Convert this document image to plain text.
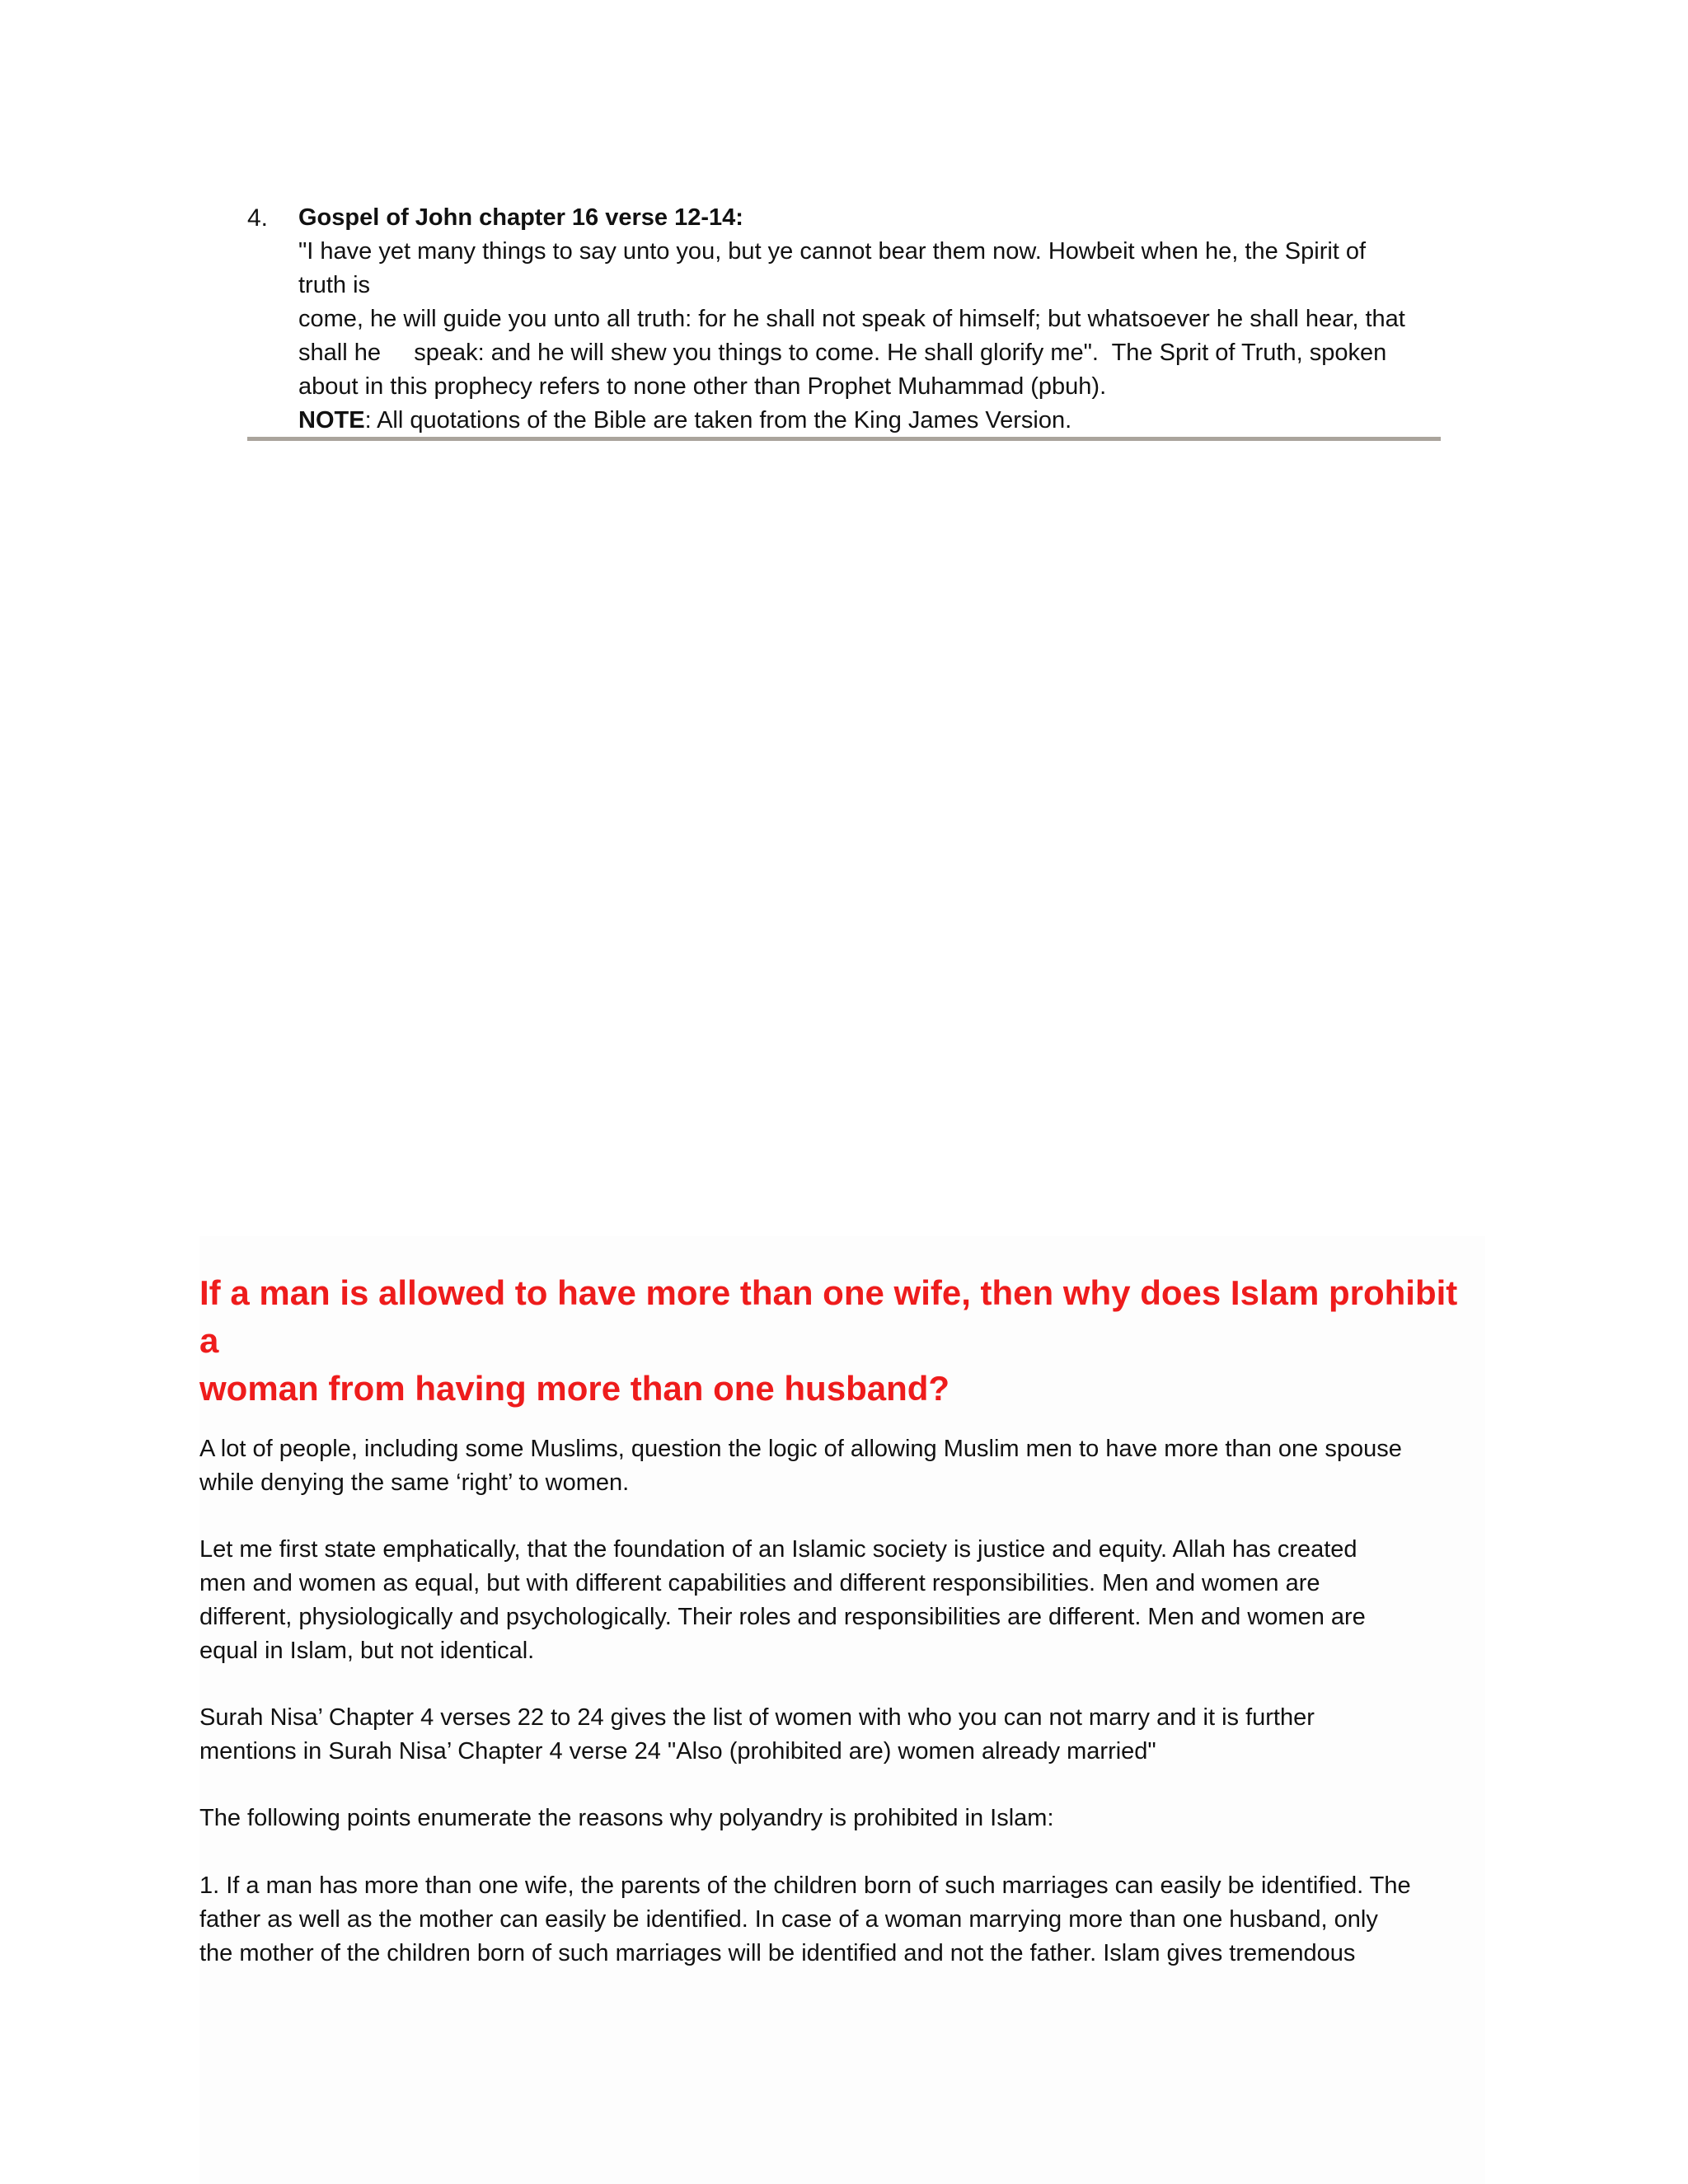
4. Gospel of John chapter 16 verse 12-14:

"I have yet many things to say unto you, but ye cannot bear them now. Howbeit when he, the Spirit of

truth is

come, he will guide you unto all truth: for he shall not speak of himself; but whatsoever he shall hear, that

shall he     speak: and he will shew you things to come. He shall glorify me".  The Sprit of Truth, spoken

about in this prophecy refers to none other than Prophet Muhammad (pbuh).

NOTE: All quotations of the Bible are taken from the King James Version.

If a man is allowed to have more than one wife, then why does Islam prohibit a
woman from having more than one husband?

A lot of people, including some Muslims, question the logic of allowing Muslim men to have more than one spouse
while denying the same ‘right’ to women.

Let me first state emphatically, that the foundation of an Islamic society is justice and equity. Allah has created
men and women as equal, but with different capabilities and different responsibilities. Men and women are
different, physiologically and psychologically. Their roles and responsibilities are different. Men and women are
equal in Islam, but not identical.

Surah Nisa’ Chapter 4 verses 22 to 24 gives the list of women with who you can not marry and it is further
mentions in Surah Nisa’ Chapter 4 verse 24 "Also (prohibited are) women already married"

The following points enumerate the reasons why polyandry is prohibited in Islam:

1. If a man has more than one wife, the parents of the children born of such marriages can easily be identified. The
father as well as the mother can easily be identified. In case of a woman marrying more than one husband, only
the mother of the children born of such marriages will be identified and not the father. Islam gives tremendous
